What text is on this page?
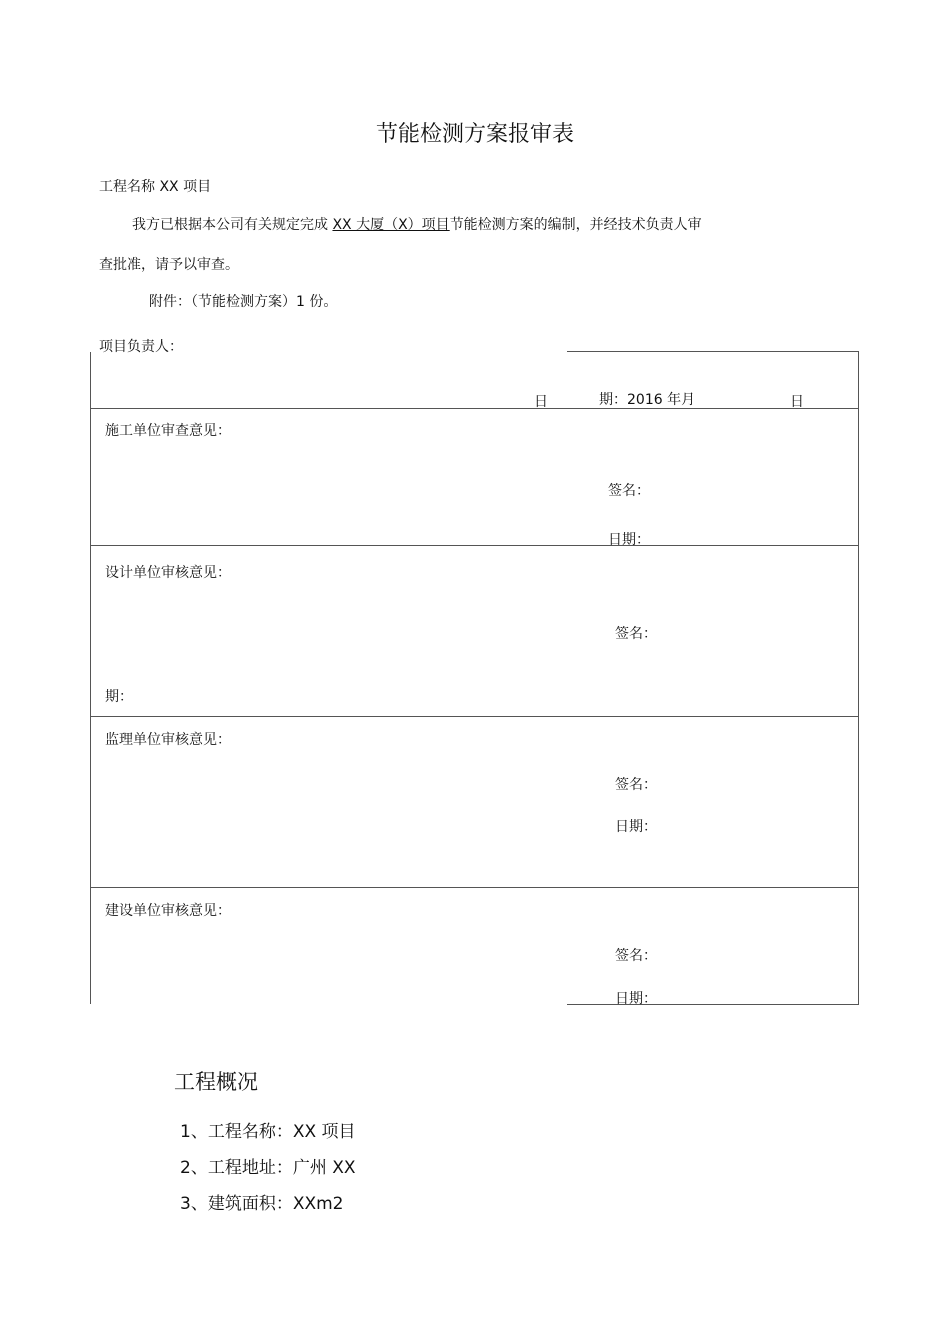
节能检测方案报审表
工程名称 XX 项目
我方已根据本公司有关规定完成 XX 大厦（X）项目节能检测方案的编制，并经技术负责人审
查批准，请予以审查。
附件：（节能检测方案）1 份。
项目负责人：
日	期：2016 年月	日
施工单位审查意见：
签名：
日期：
设计单位审核意见：
签名：
期：
监理单位审核意见：
签名：
日期：
建设单位审核意见：
签名：
日期：
工程概况
1、工程名称：XX 项目
2、工程地址：广州 XX
3、建筑面积：XXm2
